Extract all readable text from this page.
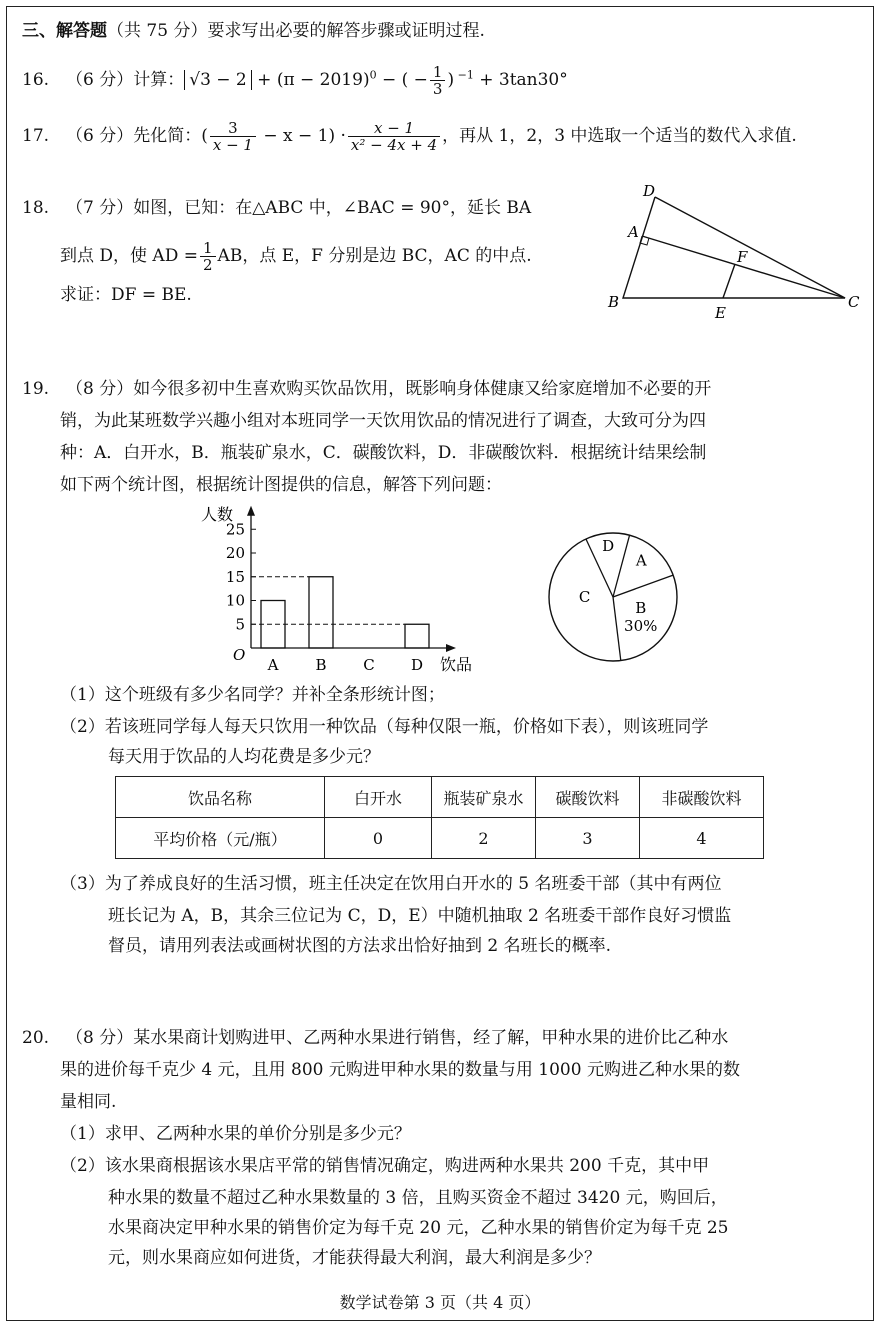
三、解答题（共 75 分）要求写出必要的解答步骤或证明过程.
16. （6 分）计算： $√3 - 2 + (\pi - 2019)^0$ − ( − $\frac{1}{3}$ ) $^{-1}$ + 3tan30°
17. （6 分）先化简：( $\frac{3}{x - 1} - x - 1) \cdot \frac{x - 1}{\text{x² − 4x + 4}}$ ，再从 1，2，3 中选取一个适当的数代入求值.
18. （7 分）如图，已知：在△ABC 中，∠BAC = 90°，延长 BA
到点 D，使 AD = $\frac{1}{2}$ AB，点 E，F 分别是边 BC，AC 的中点.
求证：DF = BE.
D
A
F
B
E
C
19. （8 分）如今很多初中生喜欢购买饮品饮用，既影响身体健康又给家庭增加不必要的开
销，为此某班数学兴趣小组对本班同学一天饮用饮品的情况进行了调查，大致可分为四
种：A．白开水，B．瓶装矿泉水，C．碳酸饮料，D．非碳酸饮料．根据统计结果绘制
如下两个统计图，根据统计图提供的信息，解答下列问题：
人数
饮品
O
5
10
15
20
25
A B C D
A
B
30%
C
D
（1）这个班级有多少名同学？并补全条形统计图；
（2）若该班同学每人每天只饮用一种饮品（每种仅限一瓶，价格如下表），则该班同学
每天用于饮品的人均花费是多少元？
饮品名称	白开水	瓶装矿泉水	碳酸饮料	非碳酸饮料
平均价格（元/瓶）	0	2	3	4
（3）为了养成良好的生活习惯，班主任决定在饮用白开水的 5 名班委干部（其中有两位
班长记为 A，B，其余三位记为 C，D，E）中随机抽取 2 名班委干部作良好习惯监
督员，请用列表法或画树状图的方法求出恰好抽到 2 名班长的概率.
20. （8 分）某水果商计划购进甲、乙两种水果进行销售，经了解，甲种水果的进价比乙种水
果的进价每千克少 4 元，且用 800 元购进甲种水果的数量与用 1000 元购进乙种水果的数
量相同.
（1）求甲、乙两种水果的单价分别是多少元？
（2）该水果商根据该水果店平常的销售情况确定，购进两种水果共 200 千克，其中甲
种水果的数量不超过乙种水果数量的 3 倍，且购买资金不超过 3420 元，购回后，
水果商决定甲种水果的销售价定为每千克 20 元，乙种水果的销售价定为每千克 25
元，则水果商应如何进货，才能获得最大利润，最大利润是多少？
数学试卷第 3 页（共 4 页）
